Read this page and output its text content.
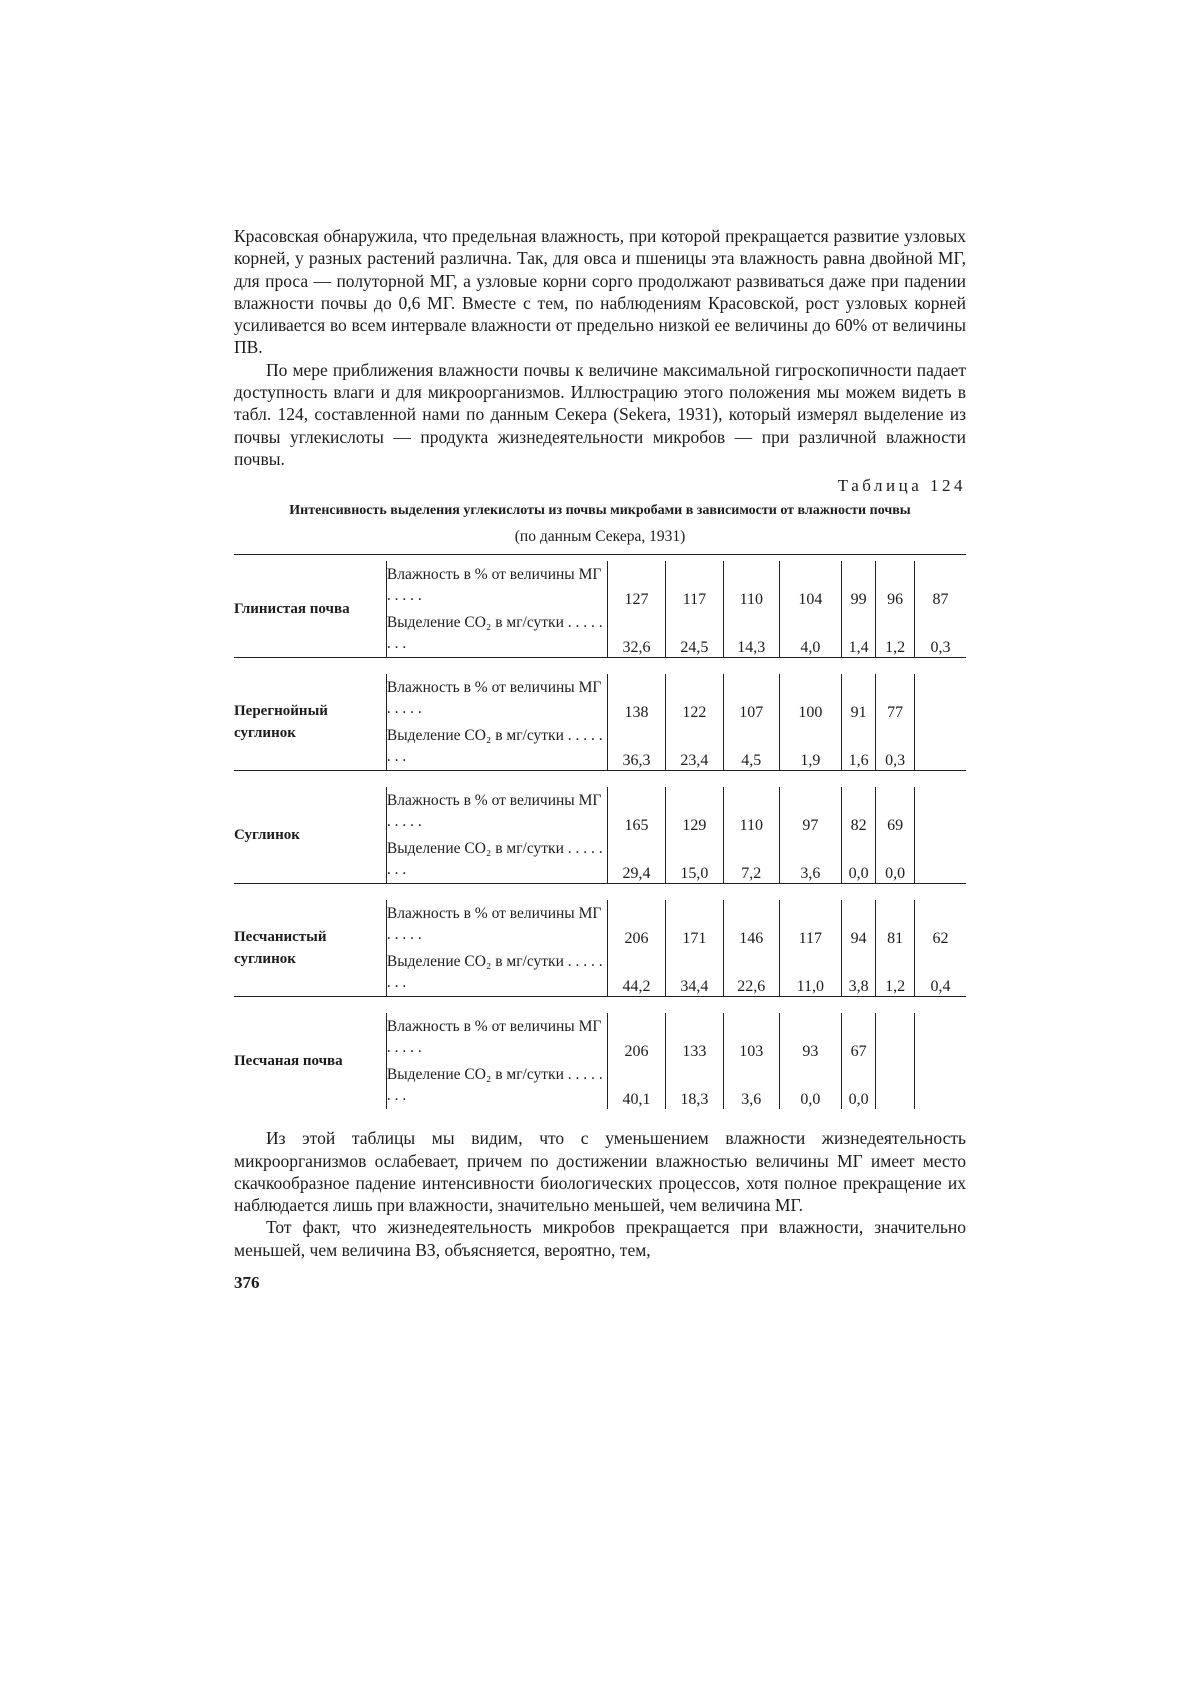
Красовская обнаружила, что предельная влажность, при которой прекращается развитие узловых корней, у разных растений различна. Так, для овса и пшеницы эта влажность равна двойной МГ, для проса — полуторной МГ, а узловые корни сорго продолжают развиваться даже при падении влажности почвы до 0,6 МГ. Вместе с тем, по наблюдениям Красовской, рост узловых корней усиливается во всем интервале влажности от предельно низкой ее величины до 60% от величины ПВ.

По мере приближения влажности почвы к величине максимальной гигроскопичности падает доступность влаги и для микроорганизмов. Иллюстрацию этого положения мы можем видеть в табл. 124, составленной нами по данным Секера (Sekera, 1931), который измерял выделение из почвы углекислоты — продукта жизнедеятельности микробов — при различной влажности почвы.

Таблица 124
Интенсивность выделения углекислоты из почвы микробами в зависимости от влажности почвы
(по данным Секера, 1931)

Глинистая почва	Влажность в % от величины МГ . . . . .	127	117	110	104	99	96	87
	Выделение CO₂ в мг/сутки . . . . . . . .	32,6	24,5	14,3	4,0	1,4	1,2	0,3

Перегнойный суглинок	Влажность в % от величины МГ . . . . .	138	122	107	100	91	77	
	Выделение CO₂ в мг/сутки . . . . . . . .	36,3	23,4	4,5	1,9	1,6	0,3	

Суглинок	Влажность в % от величины МГ . . . . .	165	129	110	97	82	69	
	Выделение CO₂ в мг/сутки . . . . . . . .	29,4	15,0	7,2	3,6	0,0	0,0	

Песчанистый суглинок	Влажность в % от величины МГ . . . . .	206	171	146	117	94	81	62
	Выделение CO₂ в мг/сутки . . . . . . . .	44,2	34,4	22,6	11,0	3,8	1,2	0,4

Песчаная почва	Влажность в % от величины МГ . . . . .	206	133	103	93	67		
	Выделение CO₂ в мг/сутки . . . . . . . .	40,1	18,3	3,6	0,0	0,0		

Из этой таблицы мы видим, что с уменьшением влажности жизнедеятельность микроорганизмов ослабевает, причем по достижении влажностью величины МГ имеет место скачкообразное падение интенсивности биологических процессов, хотя полное прекращение их наблюдается лишь при влажности, значительно меньшей, чем величина МГ.

Тот факт, что жизнедеятельность микробов прекращается при влажности, значительно меньшей, чем величина ВЗ, объясняется, вероятно, тем,

376
